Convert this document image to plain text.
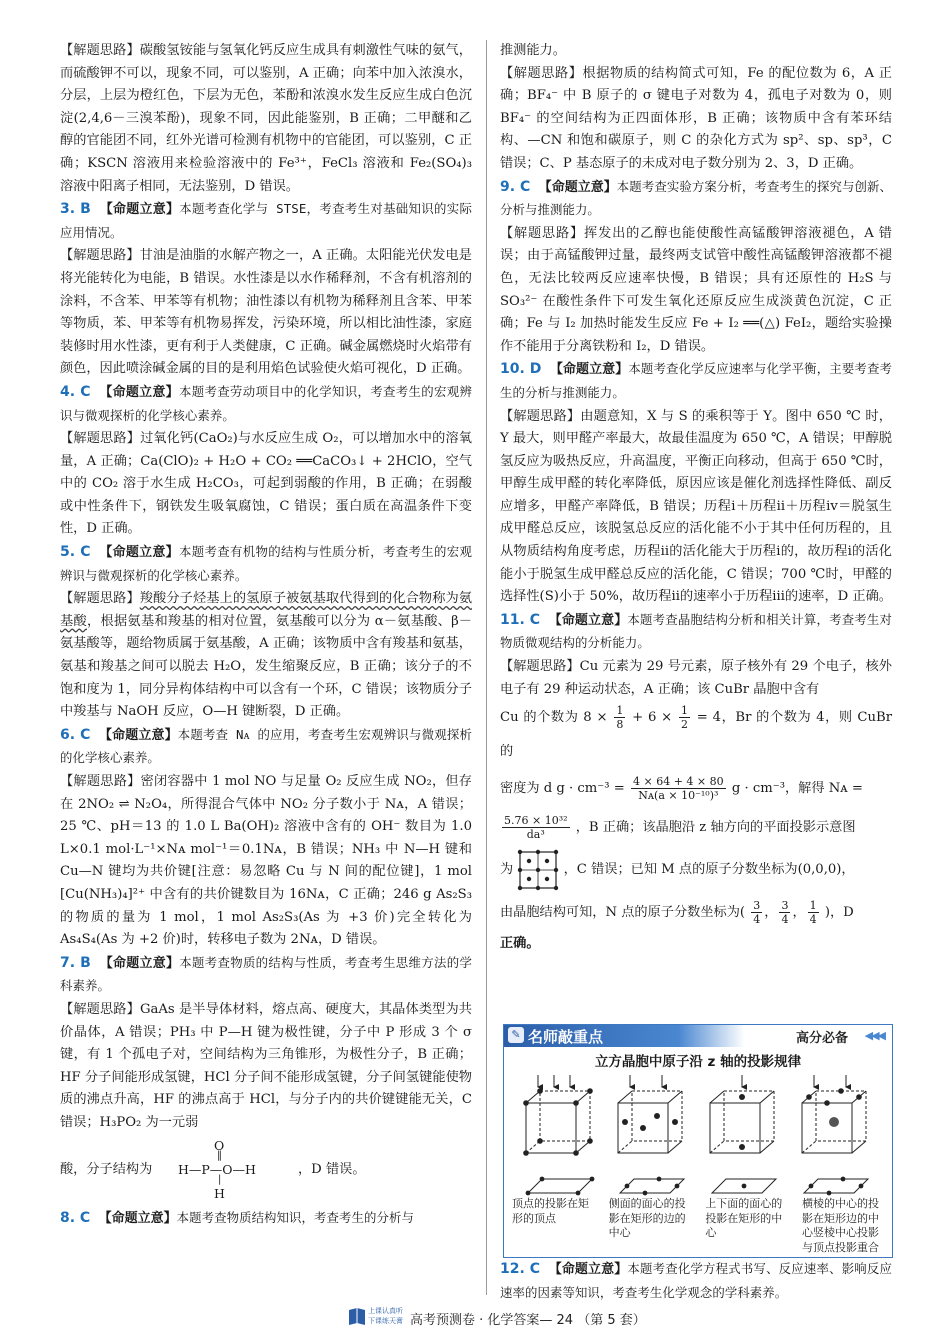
【解题思路】碳酸氢铵能与氢氧化钙反应生成具有刺激性气味的氨气，而硫酸钾不可以，现象不同，可以鉴别，A 正确；向苯中加入浓溴水，分层，上层为橙红色，下层为无色，苯酚和浓溴水发生反应生成白色沉淀(2,4,6－三溴苯酚)，现象不同，因此能鉴别，B 正确；二甲醚和乙醇的官能团不同，红外光谱可检测有机物中的官能团，可以鉴别，C 正确；KSCN 溶液用来检验溶液中的 Fe³⁺，FeCl₃ 溶液和 Fe₂(SO₄)₃ 溶液中阳离子相同，无法鉴别，D 错误。

3. B 【命题立意】本题考查化学与 STSE，考查考生对基础知识的实际应用情况。

【解题思路】甘油是油脂的水解产物之一，A 正确。太阳能光伏发电是将光能转化为电能，B 错误。水性漆是以水作稀释剂，不含有机溶剂的涂料，不含苯、甲苯等有机物；油性漆以有机物为稀释剂且含苯、甲苯等物质，苯、甲苯等有机物易挥发，污染环境，所以相比油性漆，家庭装修时用水性漆，更有利于人类健康，C 正确。碱金属燃烧时火焰带有颜色，因此喷涂碱金属的目的是利用焰色试验使火焰可视化，D 正确。

4. C 【命题立意】本题考查劳动项目中的化学知识，考查考生的宏观辨识与微观探析的化学核心素养。

【解题思路】过氧化钙(CaO₂)与水反应生成 O₂，可以增加水中的溶氧量，A 正确；Ca(ClO)₂ + H₂O + CO₂ ══CaCO₃↓ + 2HClO，空气中的 CO₂ 溶于水生成 H₂CO₃，可起到弱酸的作用，B 正确；在弱酸或中性条件下，钢铁发生吸氧腐蚀，C 错误；蛋白质在高温条件下变性，D 正确。

5. C 【命题立意】本题考查有机物的结构与性质分析，考查考生的宏观辨识与微观探析的化学核心素养。

【解题思路】羧酸分子烃基上的氢原子被氨基取代得到的化合物称为氨基酸，根据氨基和羧基的相对位置，氨基酸可以分为 α－氨基酸、β－氨基酸等，题给物质属于氨基酸，A 正确；该物质中含有羧基和氨基，氨基和羧基之间可以脱去 H₂O，发生缩聚反应，B 正确；该分子的不饱和度为 1，同分异构体结构中可以含有一个环，C 错误；该物质分子中羧基与 NaOH 反应，O—H 键断裂，D 正确。

6. C 【命题立意】本题考查 Nᴀ 的应用，考查考生宏观辨识与微观探析的化学核心素养。

【解题思路】密闭容器中 1 mol NO 与足量 O₂ 反应生成 NO₂，但存在 2NO₂ ⇌ N₂O₄，所得混合气体中 NO₂ 分子数小于 Nᴀ，A 错误；25 ℃、pH＝13 的 1.0 L Ba(OH)₂ 溶液中含有的 OH⁻ 数目为 1.0 L×0.1 mol·L⁻¹×Nᴀ mol⁻¹＝0.1Nᴀ，B 错误；NH₃ 中 N—H 键和 Cu—N 键均为共价键[注意：易忽略 Cu 与 N 间的配位键]，1 mol [Cu(NH₃)₄]²⁺ 中含有的共价键数目为 16Nᴀ，C 正确；246 g As₂S₃ 的物质的量为 1 mol，1 mol As₂S₃(As 为 +3 价)完全转化为 As₄S₄(As 为 +2 价)时，转移电子数为 2Nᴀ，D 错误。

7. B 【命题立意】本题考查物质的结构与性质，考查考生思维方法的学科素养。

【解题思路】GaAs 是半导体材料，熔点高、硬度大，其晶体类型为共价晶体，A 错误；PH₃ 中 P—H 键为极性键，分子中 P 形成 3 个 σ 键，有 1 个孤电子对，空间结构为三角锥形，为极性分子，B 正确；HF 分子间能形成氢键，HCl 分子间不能形成氢键，分子间氢键能使物质的沸点升高，HF 的沸点高于 HCl，与分子内的共价键键能无关，C 错误；H₃PO₂ 为一元弱

酸，分子结构为
O
‖
H—P—O—H
|
H
，D 错误。

8. C 【命题立意】本题考查物质结构知识，考查考生的分析与

推测能力。

【解题思路】根据物质的结构简式可知，Fe 的配位数为 6，A 正确；BF₄⁻ 中 B 原子的 σ 键电子对数为 4，孤电子对数为 0，则 BF₄⁻ 的空间结构为正四面体形，B 正确；该物质中含有苯环结构、—CN 和饱和碳原子，则 C 的杂化方式为 sp²、sp、sp³，C 错误；C、P 基态原子的未成对电子数分别为 2、3，D 正确。

9. C 【命题立意】本题考查实验方案分析，考查考生的探究与创新、分析与推测能力。

【解题思路】挥发出的乙醇也能使酸性高锰酸钾溶液褪色，A 错误；由于高锰酸钾过量，最终两支试管中酸性高锰酸钾溶液都不褪色，无法比较两反应速率快慢，B 错误；具有还原性的 H₂S 与 SO₃²⁻ 在酸性条件下可发生氧化还原反应生成淡黄色沉淀，C 正确；Fe 与 I₂ 加热时能发生反应 Fe + I₂ ══(△) FeI₂，题给实验操作不能用于分离铁粉和 I₂，D 错误。

10. D 【命题立意】本题考查化学反应速率与化学平衡，主要考查考生的分析与推测能力。

【解题思路】由题意知，X 与 S 的乘积等于 Y。图中 650 ℃ 时，Y 最大，则甲醛产率最大，故最佳温度为 650 ℃，A 错误；甲醇脱氢反应为吸热反应，升高温度，平衡正向移动，但高于 650 ℃时，甲醇生成甲醛的转化率降低，原因应该是催化剂选择性降低、副反应增多，甲醛产率降低，B 错误；历程ⅰ＋历程ⅱ＋历程ⅳ＝脱氢生成甲醛总反应，该脱氢总反应的活化能不小于其中任何历程的，且从物质结构角度考虑，历程ⅱ的活化能大于历程ⅰ的，故历程ⅰ的活化能小于脱氢生成甲醛总反应的活化能，C 错误；700 ℃时，甲醛的选择性(S)小于 50%，故历程ⅱ的速率小于历程ⅲ的速率，D 正确。

11. C 【命题立意】本题考查晶胞结构分析和相关计算，考查考生对物质微观结构的分析能力。

【解题思路】Cu 元素为 29 号元素，原子核外有 29 个电子，核外电子有 29 种运动状态，A 正确；该 CuBr 晶胞中含有

Cu 的个数为 $8 \times \frac{1}{8} + 6 \times \frac{1}{2} = 4$，Br 的个数为 4，则 CuBr 的

密度为 d $g \cdot cm^{-3} = \frac{4 \times 64 + 4 \times 80}{\text{Nᴀ(a × 10⁻¹⁰)³}}$ g · cm⁻³，解得 Nᴀ =

$\frac{\text{5.76 × 10³²}}{\text{da³}}$ ，B 正确；该晶胞沿 z 轴方向的平面投影示意图

为	，C 错误；已知 M 点的原子分数坐标为(0,0,0)，

由晶胞结构可知，N 点的原子分数坐标为( $\frac{3}{4}$ ， $\frac{3}{4}$ ， $\frac{1}{4}$ )，D

正确。

✎ 名师敲重点	高分必备 ◀◀◀
立方晶胞中原子沿 z 轴的投影规律
顶点的投影在矩形的顶点
侧面的面心的投影在矩形的边的中心
上下面的面心的投影在矩形的中心
横棱的中心的投影在矩形边的中心竖棱中心投影与顶点投影重合

12. C 【命题立意】本题考查化学方程式书写、反应速率、影响反应速率的因素等知识，考查考生化学观念的学科素养。

上课认真听
下课练天膏 高考预测卷 · 化学答案— 24 （第 5 套）
